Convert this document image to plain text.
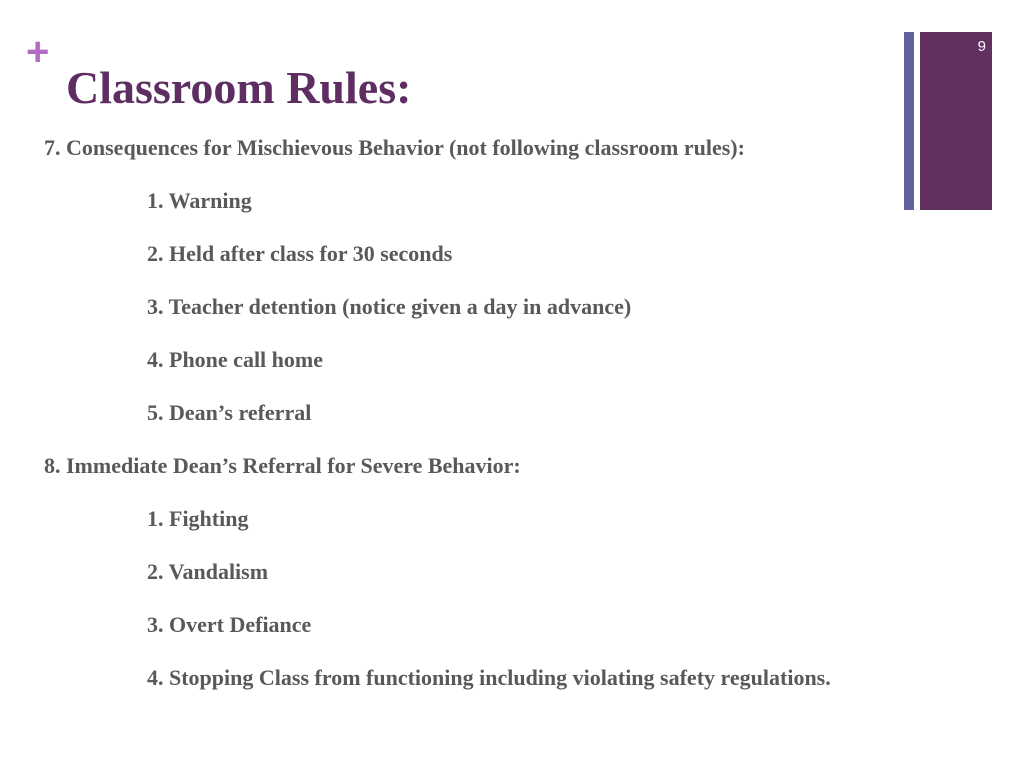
+
Classroom Rules:
9

7. Consequences for Mischievous Behavior (not following classroom rules):

1. Warning

2. Held after class for 30 seconds

3. Teacher detention (notice given a day in advance)

4. Phone call home

5. Dean’s referral

8. Immediate Dean’s Referral for Severe Behavior:

1. Fighting

2. Vandalism

3. Overt Defiance

4. Stopping Class from functioning including violating safety regulations.
